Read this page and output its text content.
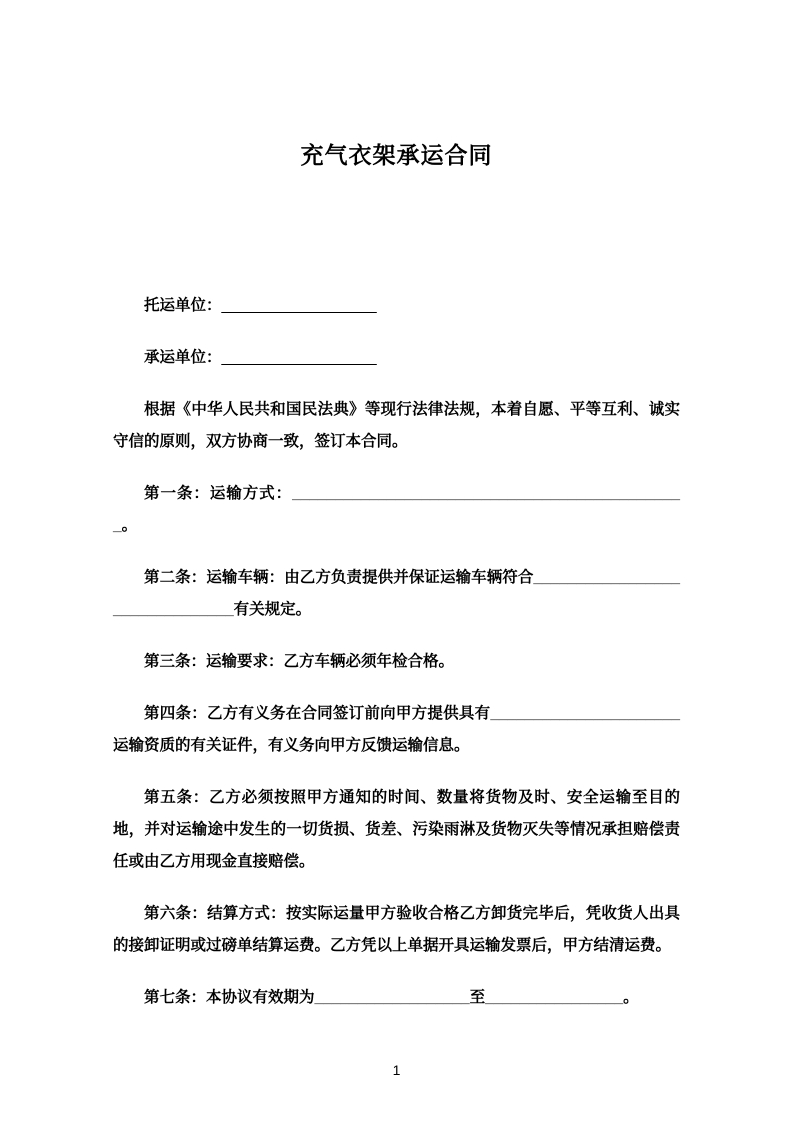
充气衣架承运合同

托运单位：__________________

承运单位：__________________

根据《中华人民共和国民法典》等现行法律法规，本着自愿、平等互利、诚实守信的原则，双方协商一致，签订本合同。

第一条：运输方式：______________________________________________。

第二条：运输车辆：由乙方负责提供并保证运输车辆符合_______________________________有关规定。

第三条：运输要求：乙方车辆必须年检合格。

第四条：乙方有义务在合同签订前向甲方提供具有______________________运输资质的有关证件，有义务向甲方反馈运输信息。

第五条：乙方必须按照甲方通知的时间、数量将货物及时、安全运输至目的地，并对运输途中发生的一切货损、货差、污染雨淋及货物灭失等情况承担赔偿责任或由乙方用现金直接赔偿。

第六条：结算方式：按实际运量甲方验收合格乙方卸货完毕后，凭收货人出具的接卸证明或过磅单结算运费。乙方凭以上单据开具运输发票后，甲方结清运费。

第七条：本协议有效期为__________________至________________。

1
